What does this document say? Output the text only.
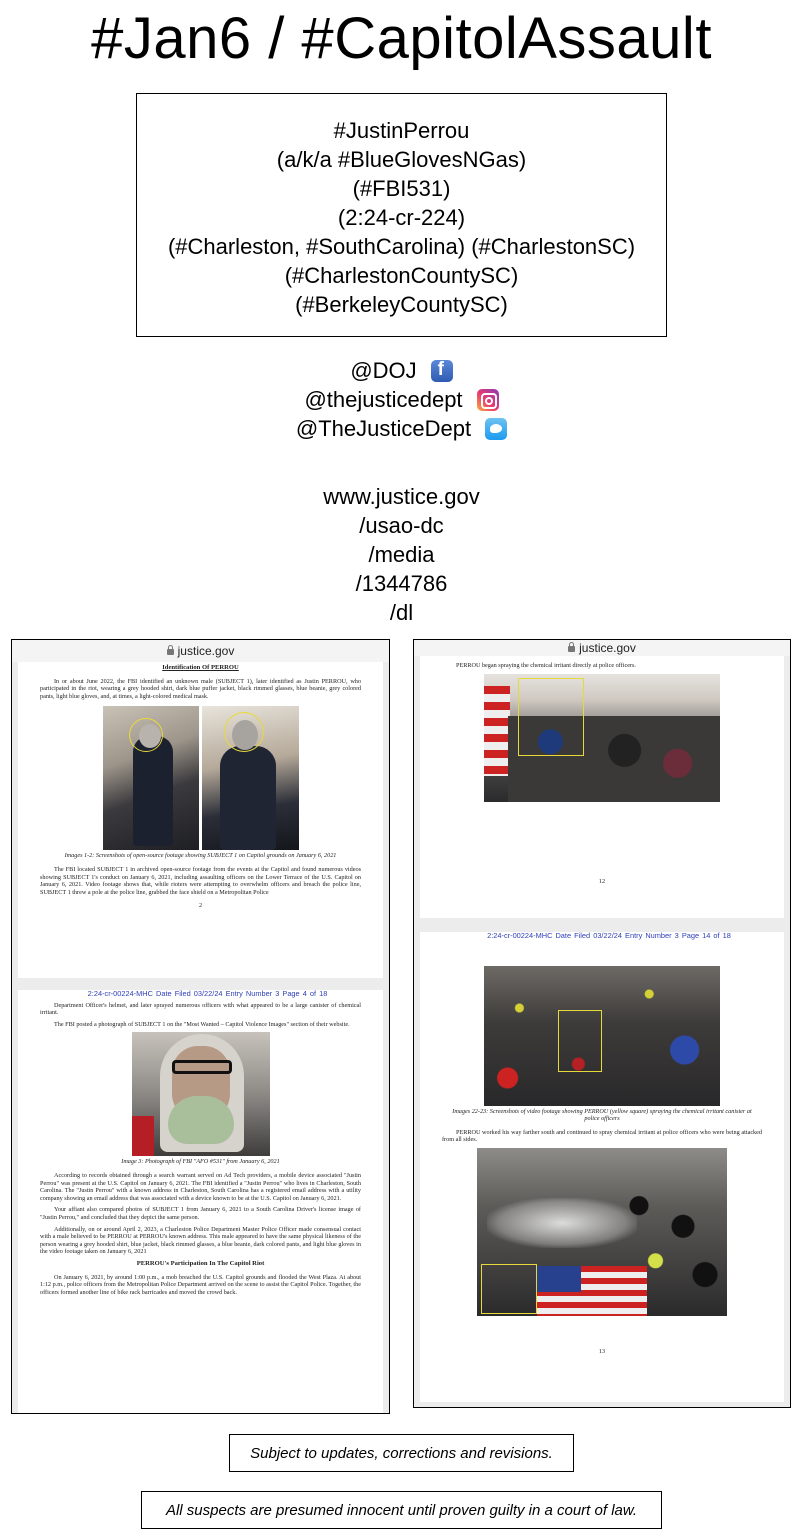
#Jan6 / #CapitolAssault
#JustinPerrou
(a/k/a #BlueGlovesNGas)
(#FBI531)
(2:24-cr-224)
(#Charleston, #SouthCarolina) (#CharlestonSC)
(#CharlestonCountySC)
(#BerkeleyCountySC)
@DOJ
f
@thejusticedept
@TheJusticeDept
www.justice.gov
/usao-dc
/media
/1344786
/dl
justice.gov

Identification Of PERROU

In or about June 2022, the FBI identified an unknown male (SUBJECT 1), later identified as Justin PERROU, who participated in the riot, wearing a grey hooded shirt, dark blue puffer jacket, black rimmed glasses, blue beanie, grey colored pants, light blue gloves, and, at times, a light-colored medical mask.

Images 1-2: Screenshots of open-source footage showing SUBJECT 1 on Capitol grounds on January 6, 2021

The FBI located SUBJECT 1 in archived open-source footage from the events at the Capitol and found numerous videos showing SUBJECT 1's conduct on January 6, 2021, including assaulting officers on the Lower Terrace of the U.S. Capitol on January 6, 2021. Video footage shows that, while rioters were attempting to overwhelm officers and breach the police line, SUBJECT 1 threw a pole at the police line, grabbed the face shield on a Metropolitan Police

2

2:24-cr-00224-MHC Date Filed 03/22/24 Entry Number 3 Page 4 of 18

Department Officer's helmet, and later sprayed numerous officers with what appeared to be a large canister of chemical irritant.

The FBI posted a photograph of SUBJECT 1 on the "Most Wanted – Capitol Violence Images" section of their website.

Image 3: Photograph of FBI "AFO #531" from January 6, 2021

According to records obtained through a search warrant served on Ad Tech providers, a mobile device associated "Justin Perrou" was present at the U.S. Capitol on January 6, 2021. The FBI identified a "Justin Perrou" who lives in Charleston, South Carolina. The "Justin Perrou" with a known address in Charleston, South Carolina has a registered email address with a utility company showing an email address that was associated with a device known to be at the U.S. Capitol on January 6, 2021.

Your affiant also compared photos of SUBJECT 1 from January 6, 2021 to a South Carolina Driver's license image of "Justin Perrou," and concluded that they depict the same person.

Additionally, on or around April 2, 2023, a Charleston Police Department Master Police Officer made consensual contact with a male believed to be PERROU at PERROU's known address. This male appeared to have the same physical likeness of the person wearing a grey hooded shirt, blue jacket, black rimmed glasses, a blue beanie, dark colored pants, and light blue gloves in the video footage taken on January 6, 2021

PERROU's Participation In The Capitol Riot

On January 6, 2021, by around 1:00 p.m., a mob breached the U.S. Capitol grounds and flooded the West Plaza. At about 1:12 p.m., police officers from the Metropolitan Police Department arrived on the scene to assist the Capitol Police. Together, the officers formed another line of bike rack barricades and moved the crowd back.

justice.gov

PERROU began spraying the chemical irritant directly at police officers.

12

2:24-cr-00224-MHC Date Filed 03/22/24 Entry Number 3 Page 14 of 18

Images 22-23: Screenshots of video footage showing PERROU (yellow square) spraying the chemical irritant canister at police officers

PERROU worked his way farther south and continued to spray chemical irritant at police officers who were being attacked from all sides.

13

Subject to updates, corrections and revisions.
All suspects are presumed innocent until proven guilty in a court of law.
